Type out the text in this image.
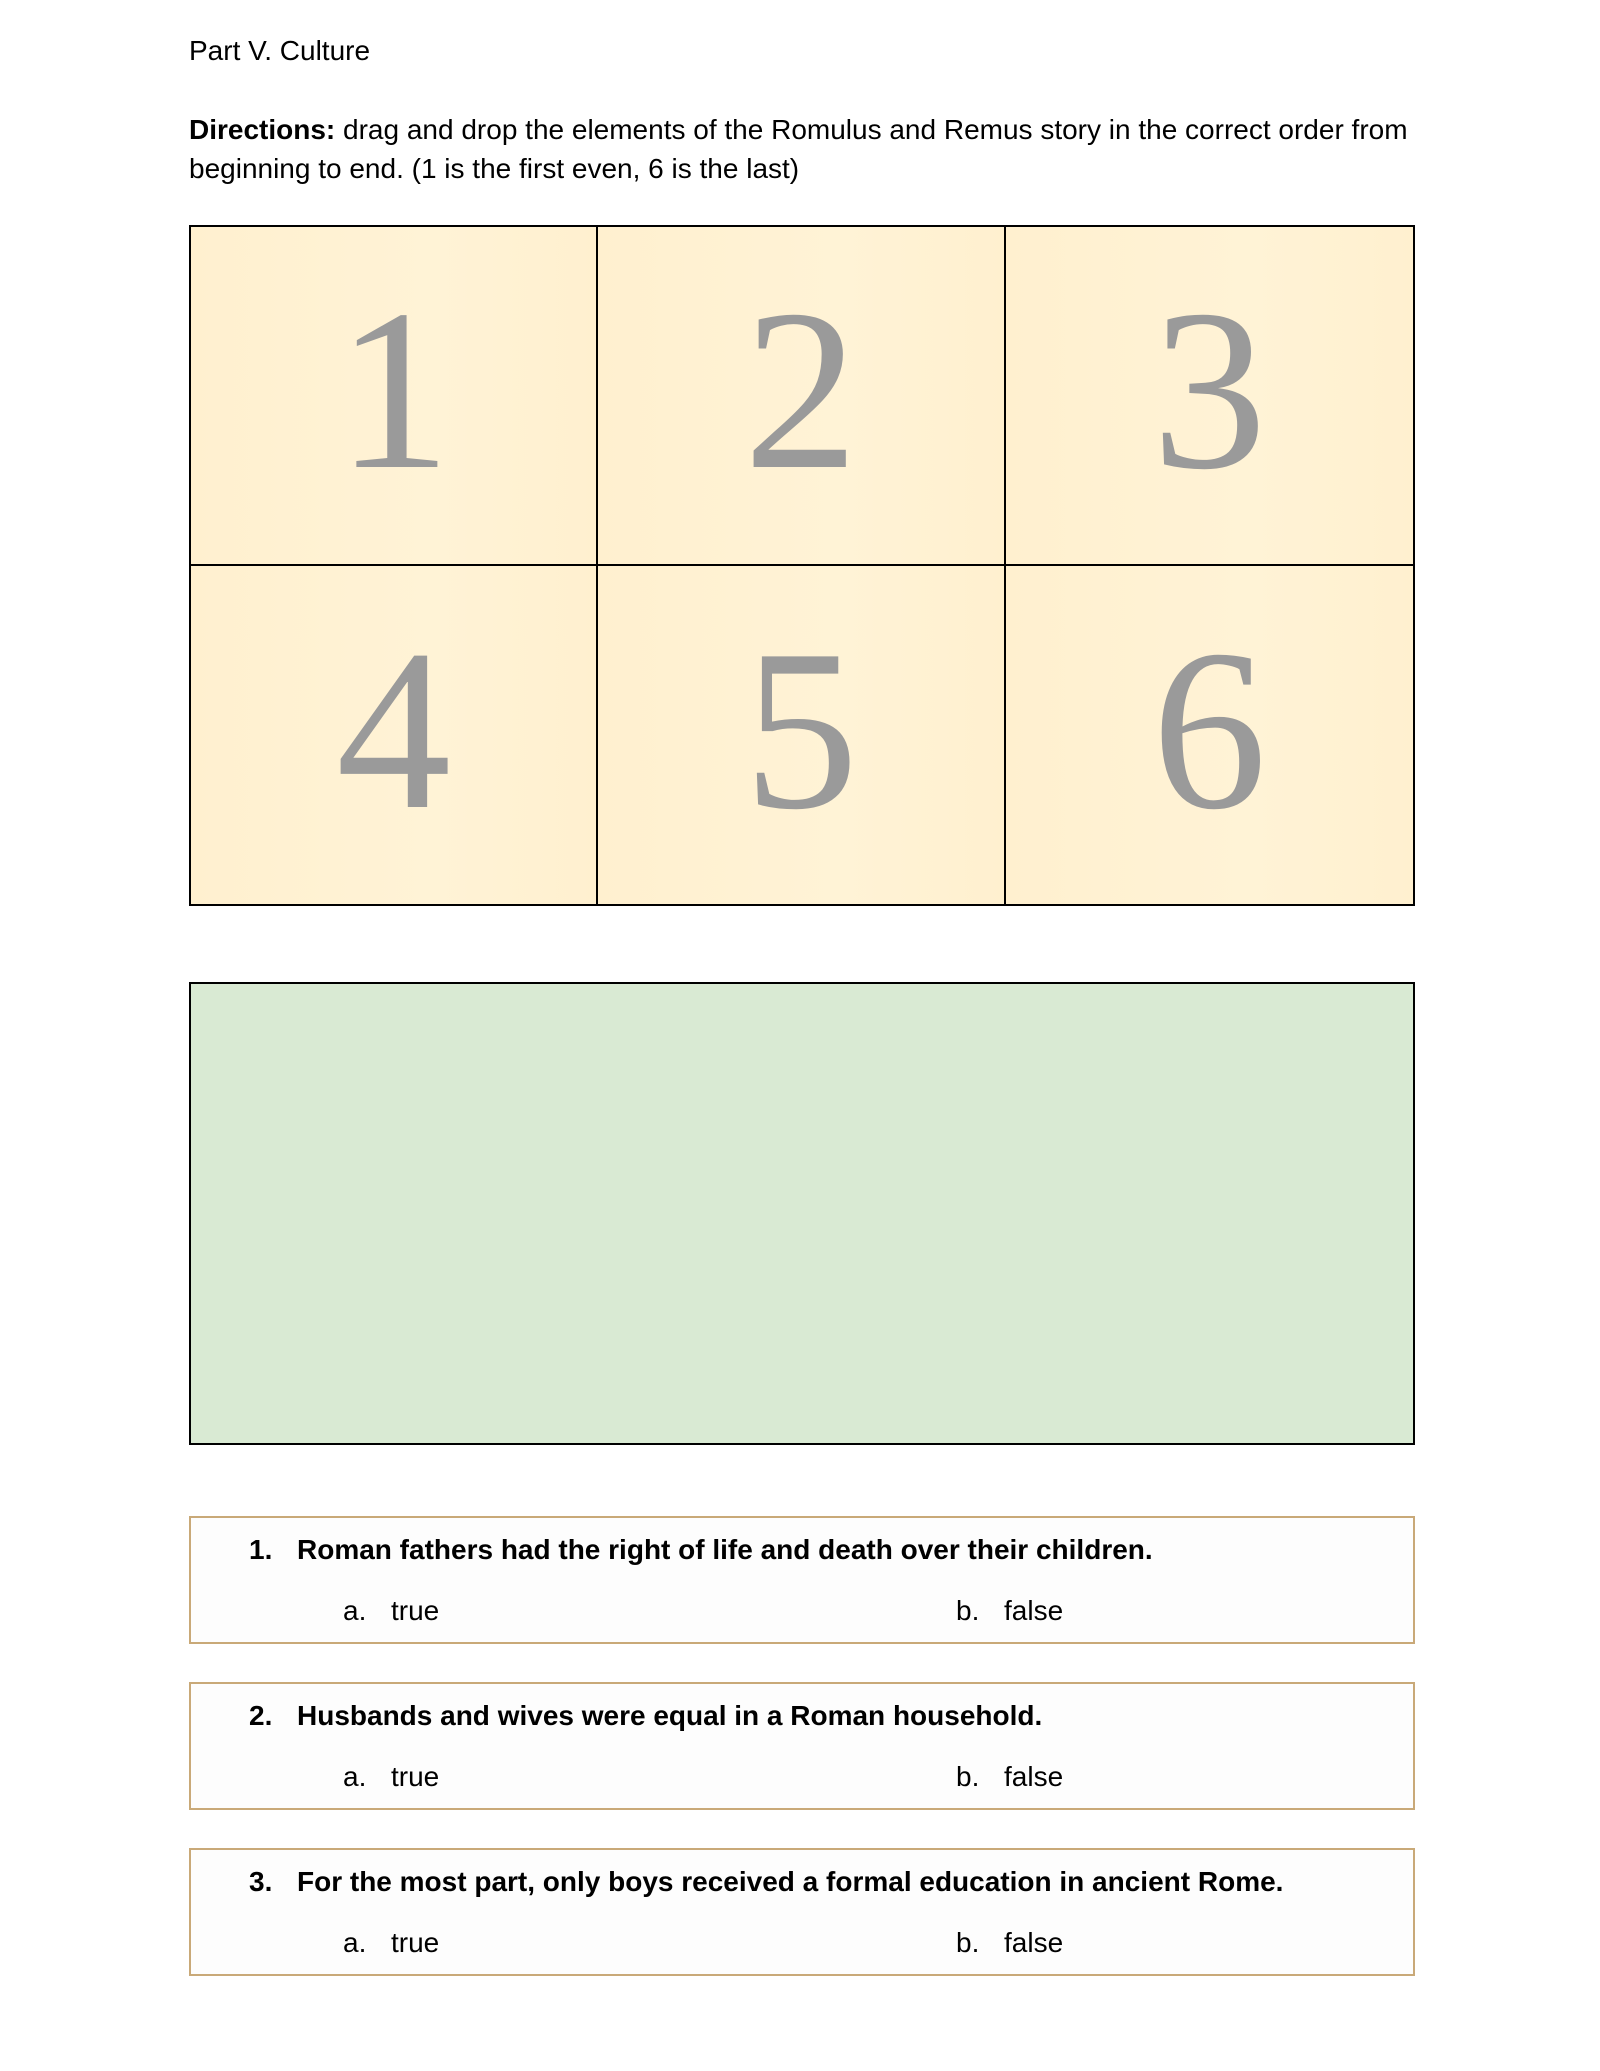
Part V. Culture

Directions: drag and drop the elements of the Romulus and Remus story in the correct order from beginning to end. (1 is the first even, 6 is the last)

1 2 3
4 5 6

1. Roman fathers had the right of life and death over their children.

a. true	b. false

2. Husbands and wives were equal in a Roman household.

a. true	b. false

3. For the most part, only boys received a formal education in ancient Rome.

a. true	b. false
